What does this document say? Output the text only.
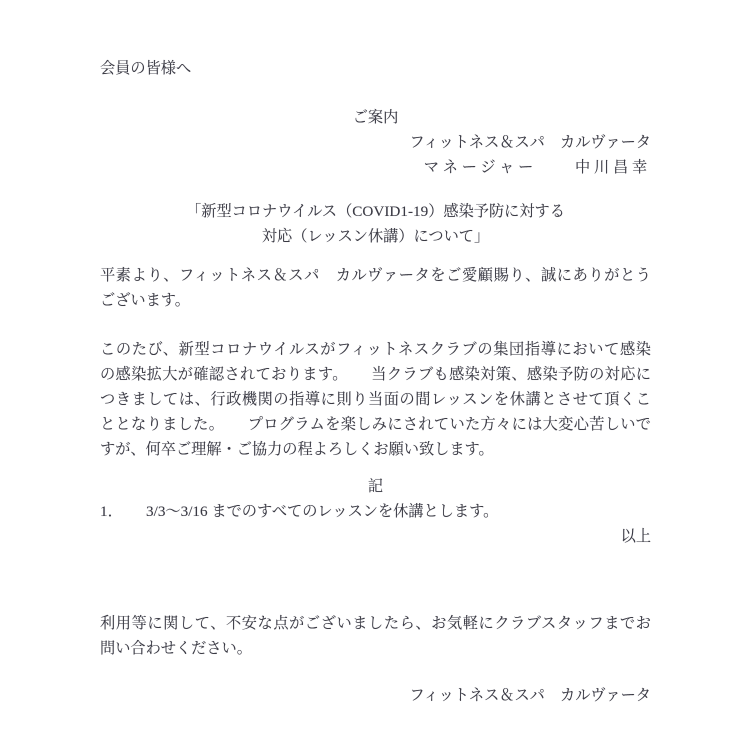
会員の皆様へ
ご案内
フィットネス＆スパ　カルヴァータ
マネージャー　　中川昌幸
「新型コロナウイルス（COVID1-19）感染予防に対する
対応（レッスン休講）について」
平素より、フィットネス＆スパ　カルヴァータをご愛顧賜り、誠にありがとう
ございます。
このたび、新型コロナウイルスがフィットネスクラブの集団指導において感染
の感染拡大が確認されております。　　当クラブも感染対策、感染予防の対応に
つきましては、行政機関の指導に則り当面の間レッスンを休講とさせて頂くこ
ととなりました。　　プログラムを楽しみにされていた方々には大変心苦しいで
すが、何卒ご理解・ご協力の程よろしくお願い致します。
記
1．	3/3～3/16 までのすべてのレッスンを休講とします。
以上
利用等に関して、不安な点がございましたら、お気軽にクラブスタッフまでお
問い合わせください。
フィットネス＆スパ　カルヴァータ
